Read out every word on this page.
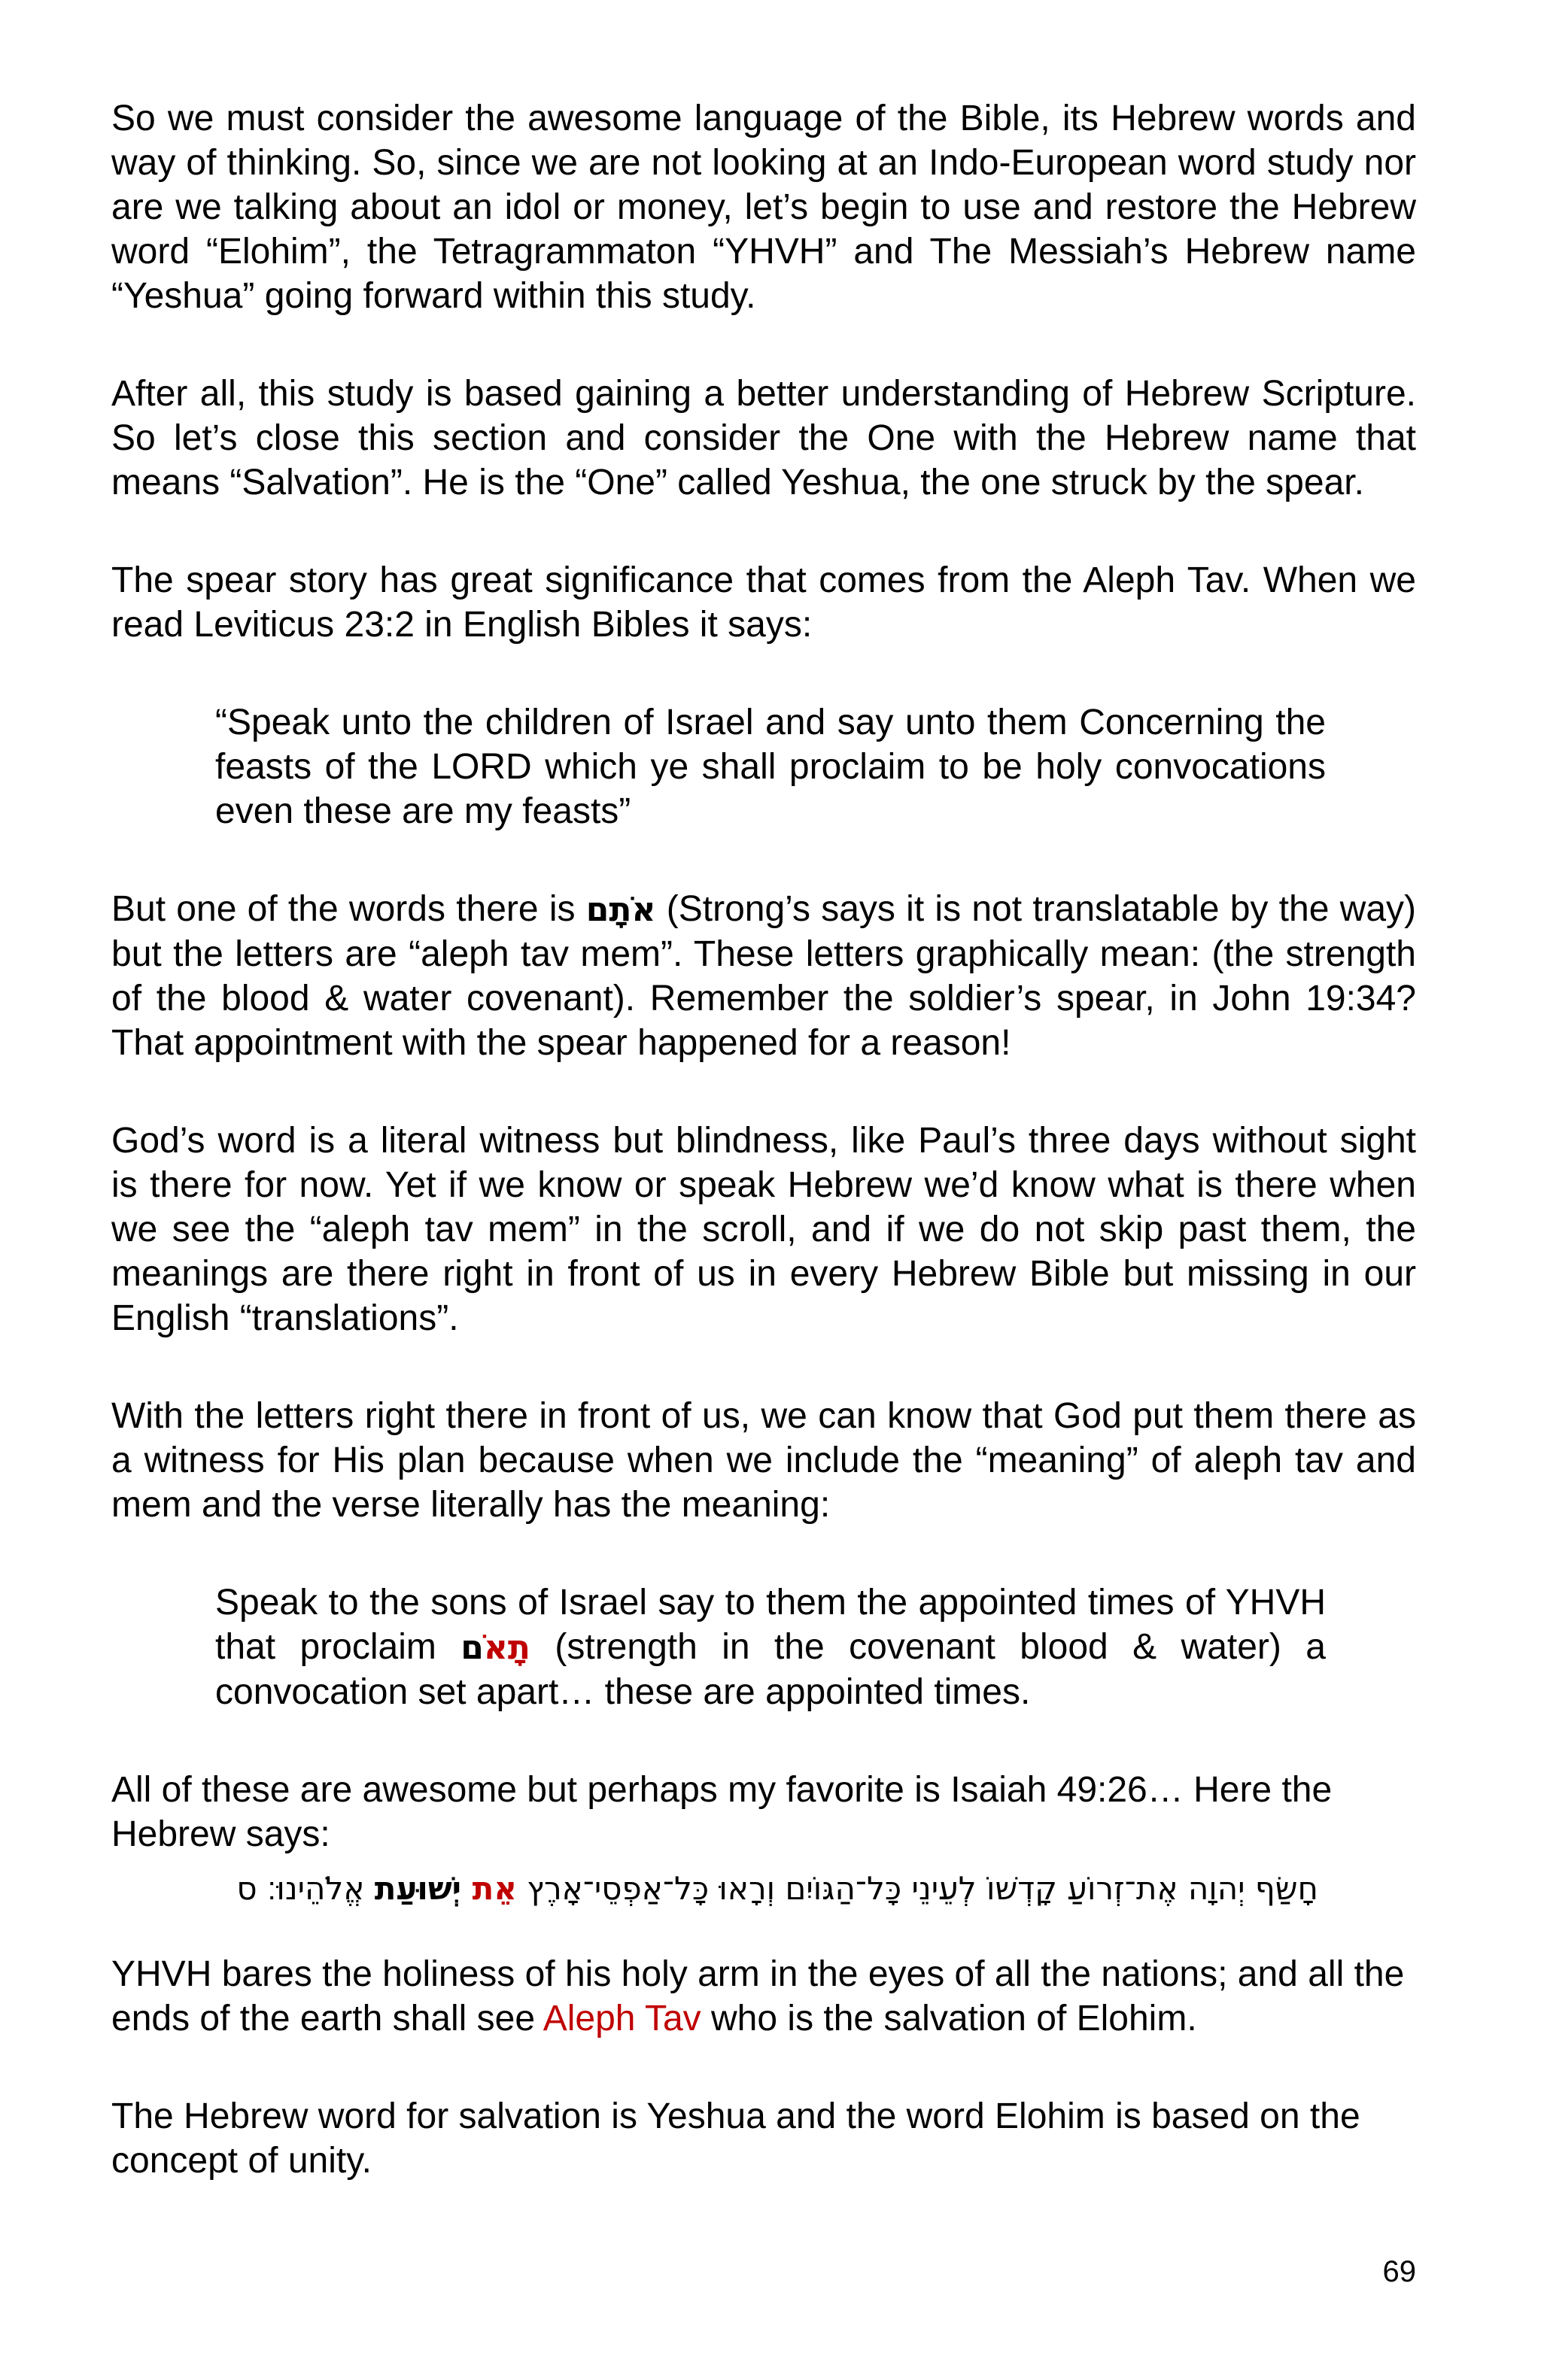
So we must consider the awesome language of the Bible, its Hebrew words and way of thinking. So, since we are not looking at an Indo-European word study nor are we talking about an idol or money, let’s begin to use and restore the Hebrew word “Elohim”, the Tetragrammaton “YHVH” and The Messiah’s Hebrew name “Yeshua” going forward within this study.

After all, this study is based gaining a better understanding of Hebrew Scripture. So let’s close this section and consider the One with the Hebrew name that means “Salvation”. He is the “One” called Yeshua, the one struck by the spear.

The spear story has great significance that comes from the Aleph Tav. When we read Leviticus 23:2 in English Bibles it says:

“Speak unto the children of Israel and say unto them Concerning the feasts of the LORD which ye shall proclaim to be holy convocations even these are my feasts”

But one of the words there is אֹתָם (Strong’s says it is not translatable by the way) but the letters are “aleph tav mem”. These letters graphically mean: (the strength of the blood & water covenant). Remember the soldier’s spear, in John 19:34? That appointment with the spear happened for a reason!

God’s word is a literal witness but blindness, like Paul’s three days without sight is there for now. Yet if we know or speak Hebrew we’d know what is there when we see the “aleph tav mem” in the scroll, and if we do not skip past them, the meanings are there right in front of us in every Hebrew Bible but missing in our English “translations”.

With the letters right there in front of us, we can know that God put them there as a witness for His plan because when we include the “meaning” of aleph tav and mem and the verse literally has the meaning:

Speak to the sons of Israel say to them the appointed times of YHVH that proclaim תָאֹם (strength in the covenant blood & water) a convocation set apart… these are appointed times.

All of these are awesome but perhaps my favorite is Isaiah 49:26… Here the Hebrew says:

חָשַׂף יְהוָה אֶת־זְרוֹעַ קָדְשׁוֹ לְעֵינֵי כָּל־הַגּוֹיִם וְרָאוּ כָּל־אַפְסֵי־אָרֶץ אֵת יְשׁוּעַת אֱלֹהֵינוּ׃ ס

YHVH bares the holiness of his holy arm in the eyes of all the nations; and all the ends of the earth shall see Aleph Tav who is the salvation of Elohim.

The Hebrew word for salvation is Yeshua and the word Elohim is based on the concept of unity.

69
